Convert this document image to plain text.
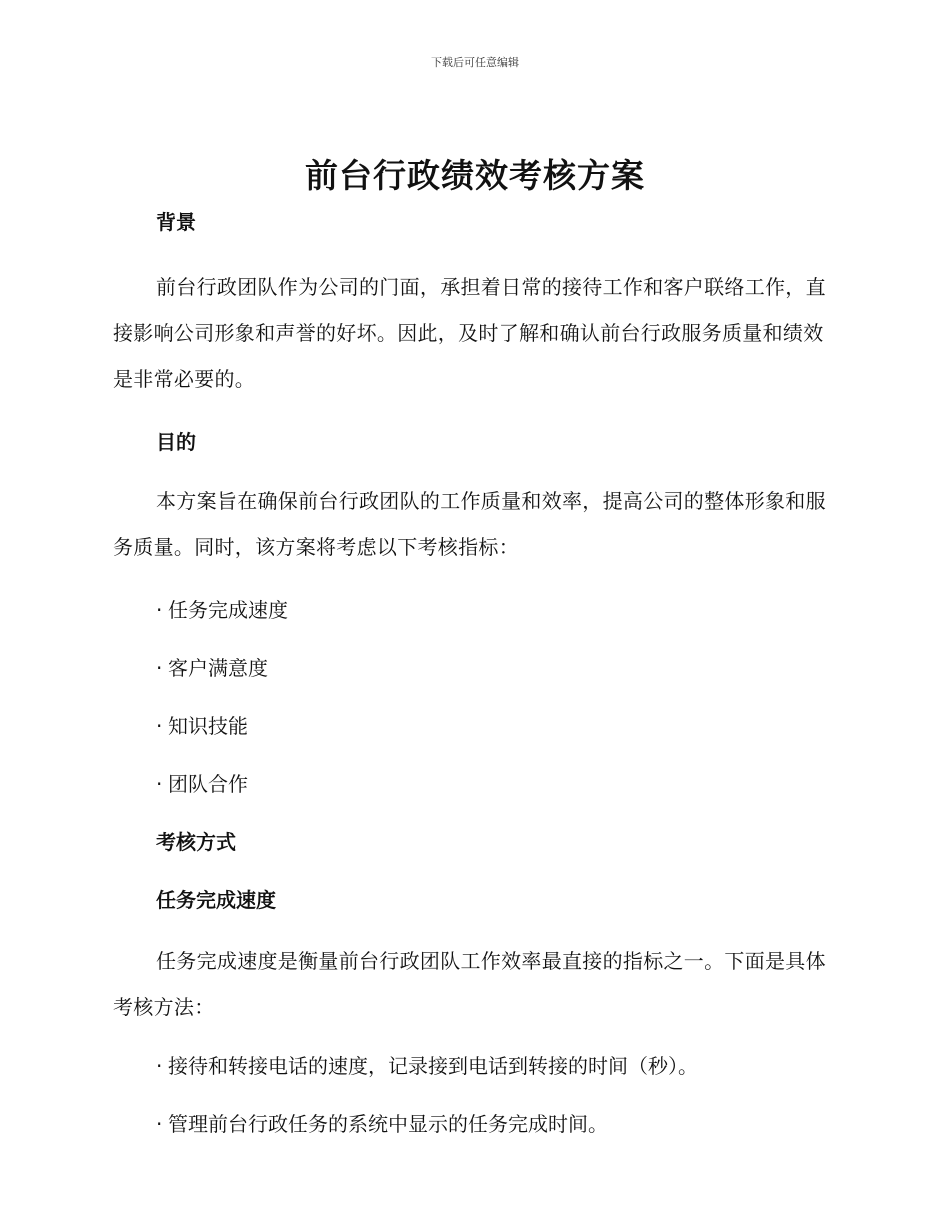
下载后可任意编辑
前台行政绩效考核方案

背景

前台行政团队作为公司的门面，承担着日常的接待工作和客户联络工作，直接影响公司形象和声誉的好坏。因此，及时了解和确认前台行政服务质量和绩效是非常必要的。

目的

本方案旨在确保前台行政团队的工作质量和效率，提高公司的整体形象和服务质量。同时，该方案将考虑以下考核指标：

· 任务完成速度

· 客户满意度

· 知识技能

· 团队合作

考核方式

任务完成速度

任务完成速度是衡量前台行政团队工作效率最直接的指标之一。下面是具体考核方法：

· 接待和转接电话的速度，记录接到电话到转接的时间（秒）。

· 管理前台行政任务的系统中显示的任务完成时间。
